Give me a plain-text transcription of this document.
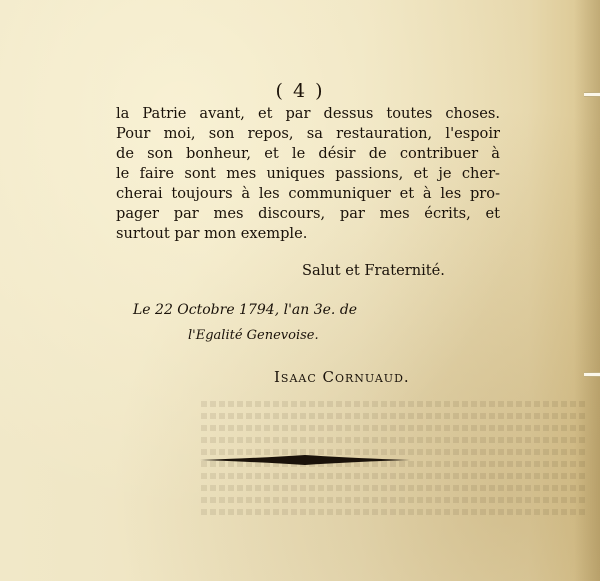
( 4 )
la Patrie avant, et par dessus toutes choses.
Pour moi, son repos, sa restauration, l'espoir
de son bonheur, et le désir de contribuer à
le faire sont mes uniques passions, et je cher-
cherai toujours à les communiquer et à les pro-
pager par mes discours, par mes écrits, et
surtout par mon exemple.
Salut et Fraternité.
Le 22 Octobre 1794, l'an 3e. de
l'Egalité Genevoise.
Isaac Cornuaud.
